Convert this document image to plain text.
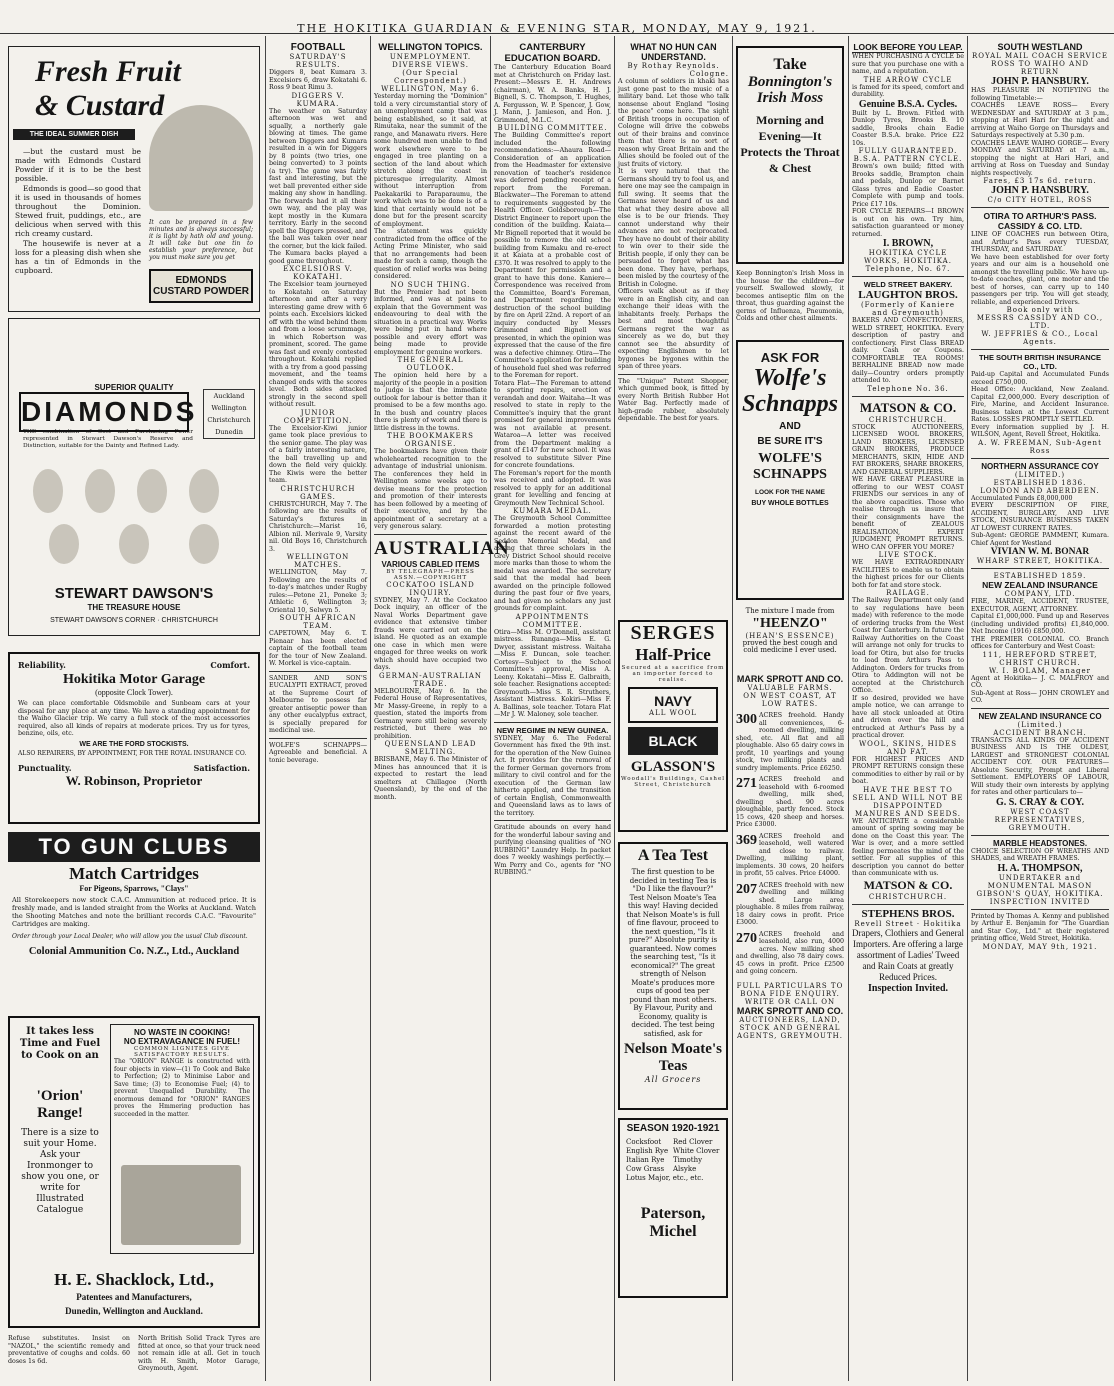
THE HOKITIKA GUARDIAN & EVENING STAR, MONDAY, MAY 9, 1921.
Fresh Fruit
& Custard
THE IDEAL SUMMER DISH

—but the custard must be made with Edmonds Custard Powder if it is to be the best possible.

Edmonds is good—so good that it is used in thousands of homes throughout the Dominion. Stewed fruit, puddings, etc., are delicious when served with this rich creamy custard.

The housewife is never at a loss for a pleasing dish when she has a tin of Edmonds in the cupboard.

It can be prepared in a few minutes and is always successful; it is light by hath old and young. It will take but one tin to establish your preference, but you must make sure you get
EDMONDS CUSTARD POWDER
SUPERIOR QUALITY
DIAMONDS
THE combination of Cost and Purchasing Power represented in Stewart Dawson's Reserve and Distinction, suitable for the Dainty and Refined Lady.
Auckland
Wellington
Christchurch
Dunedin
STEWART DAWSON'S
THE TREASURE HOUSE
STEWART DAWSON'S CORNER · CHRISTCHURCH
Reliability.	Comfort.
Hokitika Motor Garage
(opposite Clock Tower).
We can place comfortable Oldsmobile and Sunbeam cars at your disposal for any place at any time. We have a standing appointment for the Waiho Glacier trip. We carry a full stock of the most accessories required, also all kinds of repairs at moderate prices. Try us for tyres, benzine, oils, etc.
WE ARE THE FORD STOCKISTS.
ALSO REPAIRERS, BY APPOINTMENT, FOR THE ROYAL INSURANCE CO.
Punctuality.	Satisfaction.
W. Robinson, Proprietor
TO GUN CLUBS
Match Cartridges
For Pigeons, Sparrows, "Clays"
All Storekeepers now stock C.A.C. Ammunition at reduced price. It is freshly made, and is landed straight from the Works at Auckland. Watch the Shooting Matches and note the brilliant records C.A.C. "Favourite" Cartridges are making.
Order through your Local Dealer, who will allow you the usual Club discount.
Colonial Ammunition Co. N.Z., Ltd., Auckland
It takes less Time and Fuel to Cook on an
'Orion' Range!
There is a size to suit your Home. Ask your Ironmonger to show you one, or write for Illustrated Catalogue
NO WASTE IN COOKING!
NO EXTRAVAGANCE IN FUEL!
COMMON LIGNITES GIVE SATISFACTORY RESULTS.
The "ORION" RANGE is constructed with four objects in view—(1) To Cook and Bake to Perfection; (2) to Minimise Labor and Save time; (3) to Economise Fuel; (4) to prevent Unequalled Durability. The enormous demand for "ORION" RANGES proves the Hmmering production has succeeded in the matter.
H. E. Shacklock, Ltd.,
Patentees and Manufacturers,
Dunedin, Wellington and Auckland.
Refuse substitutes. Insist on "NAZOL," the scientific remedy and preventative of coughs and colds. 60 doses 1s 6d.
North British Solid Track Tyres are fitted at once, so that your truck need not remain idle at all. Get in touch with H. Smith, Motor Garage, Greymouth, Agent.
FOOTBALL
SATURDAY'S RESULTS.
Diggers 8, beat Kumara 3. Excelsiors 6, draw Kokatahi 6. Ross 9 beat Rimu 3.
DIGGERS V. KUMARA.
The weather on Saturday afternoon was wet and squally, a northerly gale blowing at times. The game between Diggers and Kumara resulted in a win for Diggers by 8 points (two tries, one being converted) to 3 points (a try). The game was fairly fast and interesting, but the wet ball prevented either side making any show in handling. The forwards had it all their own way, and the play was kept mostly in the Kumara territory. Early in the second spell the Diggers pressed, and the ball was taken over near the corner, but the kick failed. The Kumara backs played a good game throughout.
EXCELSIORS V. KOKATAHI.
The Excelsior team journeyed to Kokatahi on Saturday afternoon and after a very interesting game drew with 6 points each. Excelsiors kicked off with the wind behind them and from a loose scrummage, in which Robertson was prominent, scored. The game was fast and evenly contested throughout. Kokatahi replied with a try from a good passing movement, and the teams changed ends with the scores level. Both sides attacked strongly in the second spell without result.
JUNIOR COMPETITION.
The Excelsior-Kiwi junior game took place previous to the senior game. The play was of a fairly interesting nature, the ball travelling up and down the field very quickly. The Kiwis were the better team.
CHRISTCHURCH GAMES.
CHRISTCHURCH, May 7. The following are the results of Saturday's fixtures in Christchurch:—Marist 16, Albion nil. Merivale 9, Varsity nil. Old Boys 16, Christchurch 3.
WELLINGTON MATCHES.
WELLINGTON, May 7. Following are the results of to-day's matches under Rugby rules:—Petone 21, Poneke 3; Athletic 6, Wellington 3; Oriental 10, Selwyn 5.
SOUTH AFRICAN TEAM.
CAPETOWN, May 6. T. Pienaar has been elected captain of the football team for the tour of New Zealand. W. Morkel is vice-captain.
SANDER AND SON'S EUCALYPTI EXTRACT, proved at the Supreme Court of Melbourne to possess far greater antiseptic power than any other eucalyptus extract, is specially prepared for medicinal use.
WOLFE'S SCHNAPPS—Agreeable and beneficial. A tonic beverage.
WELLINGTON TOPICS.
UNEMPLOYMENT.
DIVERSE VIEWS.
(Our Special Correspondent.)
WELLINGTON, May 6.
Yesterday morning the "Dominion" told a very circumstantial story of an unemployment camp that was being established, so it said, at Rimutaka, near the summit of the range, and Manawatu rivers. Here some hundred men unable to find work elsewhere were to be engaged in tree planting on a section of the land about which stretch along the coast in picturesque irregularity. Almost without interruption from Paekakariki to Paraparaumu, the work which was to be done is of a kind that certainly would not be done but for the present scarcity of employment.
The statement was quickly contradicted from the office of the Acting Prime Minister, who said that no arrangements had been made for such a camp, though the question of relief works was being considered.
NO SUCH THING.
But the Premier had not been informed, and was at pains to explain that the Government was endeavouring to deal with the situation in a practical way. Works were being put in hand where possible and every effort was being made to provide employment for genuine workers.
THE GENERAL OUTLOOK.
The opinion held here by a majority of the people in a position to judge is that the immediate outlook for labour is better than it promised to be a few months ago. In the bush and country places there is plenty of work and there is little distress in the towns.
THE BOOKMAKERS ORGANISE.
The bookmakers have given their wholehearted recognition to the advantage of industrial unionism. The conferences they held in Wellington some weeks ago to devise means for the protection and promotion of their interests has been followed by a meeting of their executive, and by the appointment of a secretary at a very generous salary.
AUSTRALIAN
VARIOUS CABLED ITEMS
BY TELEGRAPH—PRESS ASSN.—COPYRIGHT
COCKATOO ISLAND INQUIRY.
SYDNEY, May 7. At the Cockatoo Dock inquiry, an officer of the Naval Works Department gave evidence that extensive timber frauds were carried out on the island. He quoted as an example one case in which men were engaged for three weeks on work which should have occupied two days.
GERMAN-AUSTRALIAN TRADE.
MELBOURNE, May 6. In the Federal House of Representatives, Mr Massy-Greene, in reply to a question, stated the imports from Germany were still being severely restricted, but there was no prohibition.
QUEENSLAND LEAD SMELTING.
BRISBANE, May 6. The Minister of Mines has announced that it is expected to restart the lead smelters at Chillagoe (North Queensland), by the end of the month.
CANTERBURY EDUCATION BOARD.
The Canterbury Education Board met at Christchurch on Friday last. Present:—Messrs E. H. Andrews (chairman), W. A. Banks, H. J. Bignell, S. C. Thompson, T. Hughes, A. Fergusson, W. P. Spencer, J. Gow, J. Mann, J. Jamieson, and Hon. J. Grimmond, M.L.C.
BUILDING COMMITTEE.
The Building Committee's report included the following recommendations:—Ahaura Road—Consideration of an application from the Headmaster for extensive renovation of teacher's residence was deferred pending receipt of a report from the Foreman. Blackwater—The Foreman to attend to requirements suggested by the Health Officer. Goldsborough—The District Engineer to report upon the condition of the building. Kaiata—Mr Bignell reported that it would be possible to remove the old school building from Kumaku and re-erect it at Kaiata at a probable cost of £370. It was resolved to apply to the Department for permission and a grant to have this done. Kaniere—Correspondence was received from the Committee, Board's Foreman, and Department regarding the destruction of the school building by fire on April 22nd. A report of an inquiry conducted by Messrs Grimmond and Bignell was presented, in which the opinion was expressed that the cause of the fire was a defective chimney. Otira—The Committee's application for building of household fuel shed was referred to the Foreman for report.
Totara Flat—The Foreman to attend to sporting repairs, erection of verandah and door. Waitaha—It was resolved to state in reply to the Committee's inquiry that the grant promised for general improvements was not available at present. Wataroa—A letter was received from the Department making a grant of £147 for new school. It was resolved to substitute Silver Pine for concrete foundations.
The Foreman's report for the month was received and adopted. It was resolved to apply for an additional grant for levelling and fencing at Greymouth New Technical School.
KUMARA MEDAL.
The Greymouth School Committee forwarded a motion protesting against the recent award of the Seddon Memorial Medal, and asking that three scholars in the Grey District School should receive more marks than those to whom the medal was awarded. The secretary said that the medal had been awarded on the principle followed during the past four or five years, and had given no scholars any just grounds for complaint.
APPOINTMENTS COMMITTEE.
Otira—Miss M. O'Donnell, assistant mistress. Runanga—Miss E. G. Dwyer, assistant mistress. Waitaha—Miss F. Duncan, sole teacher. Cortesy—Subject to the School Committee's approval, Miss A. Leeny. Kokatahi—Miss E. Galbraith, sole teacher. Resignations accepted: Greymouth—Miss S. R. Struthers, Assistant Mistress. Kokiri—Miss F. A. Ballinas, sole teacher. Totara Flat—Mr J. W. Maloney, sole teacher.
NEW REGIME IN NEW GUINEA.
SYDNEY, May 6. The Federal Government has fixed the 9th inst. for the operation of the New Guinea Act. It provides for the removal of the former German governors from military to civil control and for the execution of the German law hitherto applied, and the transition of certain English, Commonwealth and Queensland laws as to laws of the territory.
Gratitude abounds on every hand for the wonderful labour saving and purifying cleansing qualities of "NO RUBBING" Laundry Help. In packet does 7 weekly washings perfectly.—Wm Perry and Co., agents for "NO RUBBING."
WHAT NO HUN CAN UNDERSTAND.
By Rothay Reynolds.
Cologne.
A column of soldiers in khaki has just gone past to the music of a military band. Let those who talk nonsense about England "losing the peace" come here. The sight of British troops in occupation of Cologne will drive the cobwebs out of their brains and convince them that there is no sort of reason why Great Britain and the Allies should be fooled out of the just fruits of victory.
It is very natural that the Germans should try to fool us, and here one may see the campaign in full swing. It seems that the Germans never heard of us and that what they desire above all else is to be our friends. They cannot understand why their advances are not reciprocated. They have no doubt of their ability to win over to their side the British people, if only they can be persuaded to forget what has been done. They have, perhaps, been misled by the courtesy of the British in Cologne.
Officers walk about as if they were in an English city, and can exchange their ideas with the inhabitants freely. Perhaps the best and most thoughtful Germans regret the war as sincerely as we do, but they cannot see the absurdity of expecting Englishmen to let bygones be bygones within the span of three years.
The "Unique" Patent Shopper, which gummed book, is fitted by every North British Rubber Hot Water Bag. Perfectly made of high-grade rubber, absolutely dependable. The best for years.
SERGES
Half-Price
Secured at a sacrifice from an importer forced to realise.
NAVY
ALL WOOL
BLACK
GLASSON'S
Woodall's Buildings, Cashel Street, Christchurch
A Tea Test
The first question to be decided in testing Tea is "Do I like the flavour?" Test Nelson Moate's Tea this way! Having decided that Nelson Moate's is full of fine flavour, proceed to the next question, "Is it pure?" Absolute purity is guaranteed. Now comes the searching test, "Is it economical?" The great strength of Nelson Moate's produces more cups of good tea per pound than most others. By Flavour, Purity and Economy, quality is decided. The test being satisfied, ask for
Nelson Moate's Teas
All Grocers
SEASON 1920-1921
Cocksfoot	Red Clover
English Rye White Clover
Italian Rye	Timothy
Cow Grass	Alsyke
Lotus Major, etc., etc.
Paterson, Michel
Take
Bonnington's Irish Moss
Morning and Evening—It Protects the Throat & Chest
Keep Bonnington's Irish Moss in the house for the children—for yourself. Swallowed slowly, it becomes antiseptic film on the throat, thus guarding against the germs of Influenza, Pneumonia, Colds and other chest ailments.
ASK FOR
Wolfe's Schnapps
AND
BE SURE IT'S
WOLFE'S SCHNAPPS
LOOK FOR THE NAME
BUY WHOLE BOTTLES
The mixture I made from
"HEENZO"
(HEAN'S ESSENCE)
proved the best cough and cold medicine I ever used.
MARK SPROTT AND CO.
VALUABLE FARMS.
ON WEST COAST, AT LOW RATES.
300 ACRES freehold. Handy all conveniences, 6-roomed dwelling, milking shed, etc. All flat and all ploughable. Also 65 dairy cows in profit, 10 yearlings and young stock, two milking plants and sundry implements. Price £6250.
271 ACRES freehold and leasehold with 6-roomed dwelling, milk shed, dwelling shed. 90 acres ploughable, partly fenced. Stock 15 cows, 420 sheep and horses. Price £3000.
369 ACRES freehold and leasehold, well watered and close to railway. Dwelling, milking plant, implements. 30 cows, 20 heifers in profit, 55 calves. Price £4000.
207 ACRES freehold with new dwelling and milking shed. Large area ploughable. 8 miles from railway, 18 dairy cows in profit. Price £3000.
270 ACRES freehold and leasehold, also run, 4000 acres. New milking shed and dwelling, also 78 dairy cows. 45 cows in profit. Price £2500 and going concern.
FULL PARTICULARS TO BONA FIDE ENQUIRY.
WRITE OR CALL ON
MARK SPROTT AND CO.
AUCTIONEERS, LAND, STOCK AND GENERAL AGENTS, GREYMOUTH.
LOOK BEFORE YOU LEAP.
WHEN PURCHASING A CYCLE be sure that you purchase one with a name, and a reputation.
THE ARROW CYCLE
is famed for its speed, comfort and durability.
Genuine B.S.A. Cycles.
Built by L. Brown. Fitted with Dunlop Tyres, Brooks B. 10 saddle, Brooks chain Eadie Coaster B.S.A. brake. Price £22 10s.
FULLY GUARANTEED.
B.S.A. PATTERN CYCLE.
Brown's own build; fitted with Brooks saddle, Brampton chain and pedals, Dunlop or Barnet Glass tyres and Eadie Coaster. Complete with pump and tools. Price £17 10s.
FOR CYCLE REPAIRS—I BROWN is out on his own. Try him, satisfaction guaranteed or money returned.
I. BROWN,
HOKITIKA CYCLE WORKS, HOKITIKA.
Telephone, No. 67.
WELD STREET BAKERY.
LAUGHTON BROS.
(Formerly of Kaniere and Greymouth)
BAKERS AND CONFECTIONERS, WELD STREET, HOKITIKA. Every description of pastry and confectionery. First Class BREAD daily. Cash or Coupons. COMFORTABLE TEA ROOMS! BERHALINE BREAD now made daily—Country orders promptly attended to.
Telephone No. 36.
MATSON & CO.
CHRISTCHURCH.
STOCK AUCTIONEERS, LICENSED WOOL BROKERS, LAND BROKERS, LICENSED GRAIN BROKERS, PRODUCE MERCHANTS, SKIN, HIDE AND FAT BROKERS, SHARE BROKERS, AND GENERAL SUPPLIERS.
WE HAVE GREAT PLEASURE in offering to our WEST COAST FRIENDS our services in any of the above capacities. Those who realise through us insure that their consignments have the benefit of ZEALOUS REALISATION, EXPERT JUDGMENT, PROMPT RETURNS. WHO CAN OFFER YOU MORE?
LIVE STOCK.
WE HAVE EXTRAORDINARY FACILITIES to enable us to obtain the highest prices for our Clients both for fat and store stock.
RAILAGE.
The Railway Department only (and to say regulations have been made) with reference to the mode of ordering trucks from the West Coast for Canterbury. In future the Railway Authorities on the Coast will arrange not only for trucks to load for Otira, but also for trucks to load from Arthurs Pass to Addington. Orders for trucks from Otira to Addington will not be accepted at the Christchurch Office.
If so desired, provided we have ample notice, we can arrange to have all stock unloaded at Otira and driven over the hill and entrucked at Arthur's Pass by a practical drover.
WOOL, SKINS, HIDES AND FAT.
FOR HIGHEST PRICES AND PROMPT RETURNS consign these commodities to either by rail or by boat.
HAVE THE BEST TO SELL AND WILL NOT BE DISAPPOINTED
MANURES AND SEEDS.
WE ANTICIPATE a considerable amount of spring sowing may be done on the Coast this year. The War is over, and a more settled feeling permeates the mind of the settler. For all supplies of this description you cannot do better than communicate with us.
MATSON & CO.
CHRISTCHURCH.
STEPHENS BROS.
Revell Street · Hokitika
Drapers, Clothiers and General Importers. Are offering a large assortment of Ladies' Tweed and Rain Coats at greatly Reduced Prices.
Inspection Invited.
SOUTH WESTLAND
ROYAL MAIL COACH SERVICE
ROSS TO WAIHO AND RETURN
JOHN P. HANSBURY.
HAS PLEASURE IN NOTIFYING the following Timetable:—
COACHES LEAVE ROSS— Every WEDNESDAY and SATURDAY at 3 p.m., stopping at Hari Hari for the night and arriving at Waiho Gorge on Thursdays and Saturdays respectively at 5.30 p.m.
COACHES LEAVE WAIHO GORGE— Every MONDAY and SATURDAY at 7 a.m., stopping the night at Hari Hari, and arriving at Ross on Tuesday and Sunday nights respectively.
Fares, £3 17s 6d. return.
JOHN P. HANSBURY.
C/o CITY HOTEL, ROSS
OTIRA TO ARTHUR'S PASS.
CASSIDY & CO. LTD.
LINE OF COACHES run between Otira, and Arthur's Pass every TUESDAY, THURSDAY, and SATURDAY.
We have been established for over forty years and our aim is a household one amongst the travelling public. We have up-to-date coaches, giant, one motor and the best of horses, can carry up to 140 passengers per trip. You will get steady, reliable, and experienced Drivers.
Book only with
MESSRS CASSIDY AND CO., LTD.
W. JEFFRIES & CO., Local Agents.
THE SOUTH BRITISH INSURANCE CO., LTD.
Paid-up Capital and Accumulated Funds exceed £750,000.
Head Office: Auckland, New Zealand. Capital £2,000,000. Every description of Fire, Marine, and Accident Insurance. Business taken at the Lowest Current Rates. LOSSES PROMPTLY SETTLED.
Every information supplied by J. H. WILSON, Agent, Revell Street, Hokitika.
A. W. FREEMAN, Sub-Agent Ross
NORTHERN ASSURANCE COY
(LIMITED.)
ESTABLISHED 1836.
LONDON AND ABERDEEN.
Accumulated Funds £8,000,000
EVERY DESCRIPTION OF FIRE, ACCIDENT, BURGLARY, AND LIVE STOCK, INSURANCE BUSINESS TAKEN AT LOWEST CURRENT RATES.
Sub-Agent: GEORGE PAMMENT, Kumara. Chief Agent for Westland
VIVIAN W. M. BONAR
WHARF STREET, HOKITIKA.
ESTABLISHED 1859.
NEW ZEALAND INSURANCE
COMPANY, LTD.
FIRE, MARINE, ACCIDENT, TRUSTEE, EXECUTOR, AGENT, ATTORNEY.
Capital £1,000,000. Fund up and Reserves (including undivided profits) £1,840,000. Net Income (1916) £850,000.
THE PREMIER COLONIAL CO. Branch offices for Canterbury and West Coast:
111, HEREFORD STREET, CHRIST CHURCH.
W. I. BOLAM, Manager
Agent at Hokitika— J. C. MALFROY and CO.
Sub-Agent at Ross— JOHN CROWLEY and CO.
NEW ZEALAND INSURANCE CO
(Limited.)
ACCIDENT BRANCH.
TRANSACTS ALL KINDS OF ACCIDENT BUSINESS AND IS THE OLDEST, LARGEST and STRONGEST COLONIAL ACCIDENT COY. OUR FEATURES—Absolute Security, Prompt and Liberal Settlement. EMPLOYERS OF LABOUR, Will study their own interests by applying for rates and other particulars to—
G. S. CRAY & COY.
WEST COAST REPRESENTATIVES, GREYMOUTH.
MARBLE HEADSTONES.
CHOICE SELECTION OF WREATHS AND SHADES, and WREATH FRAMES.
H. A. THOMPSON,
UNDERTAKER and MONUMENTAL MASON
GIBSON'S QUAY, HOKITIKA.
INSPECTION INVITED
Printed by Thomas A. Kenny and published by Arthur E. Benjamin for "The Guardian and Star Coy., Ltd." at their registered printing office, Weld Street, Hokitika.
MONDAY, MAY 9th, 1921.
